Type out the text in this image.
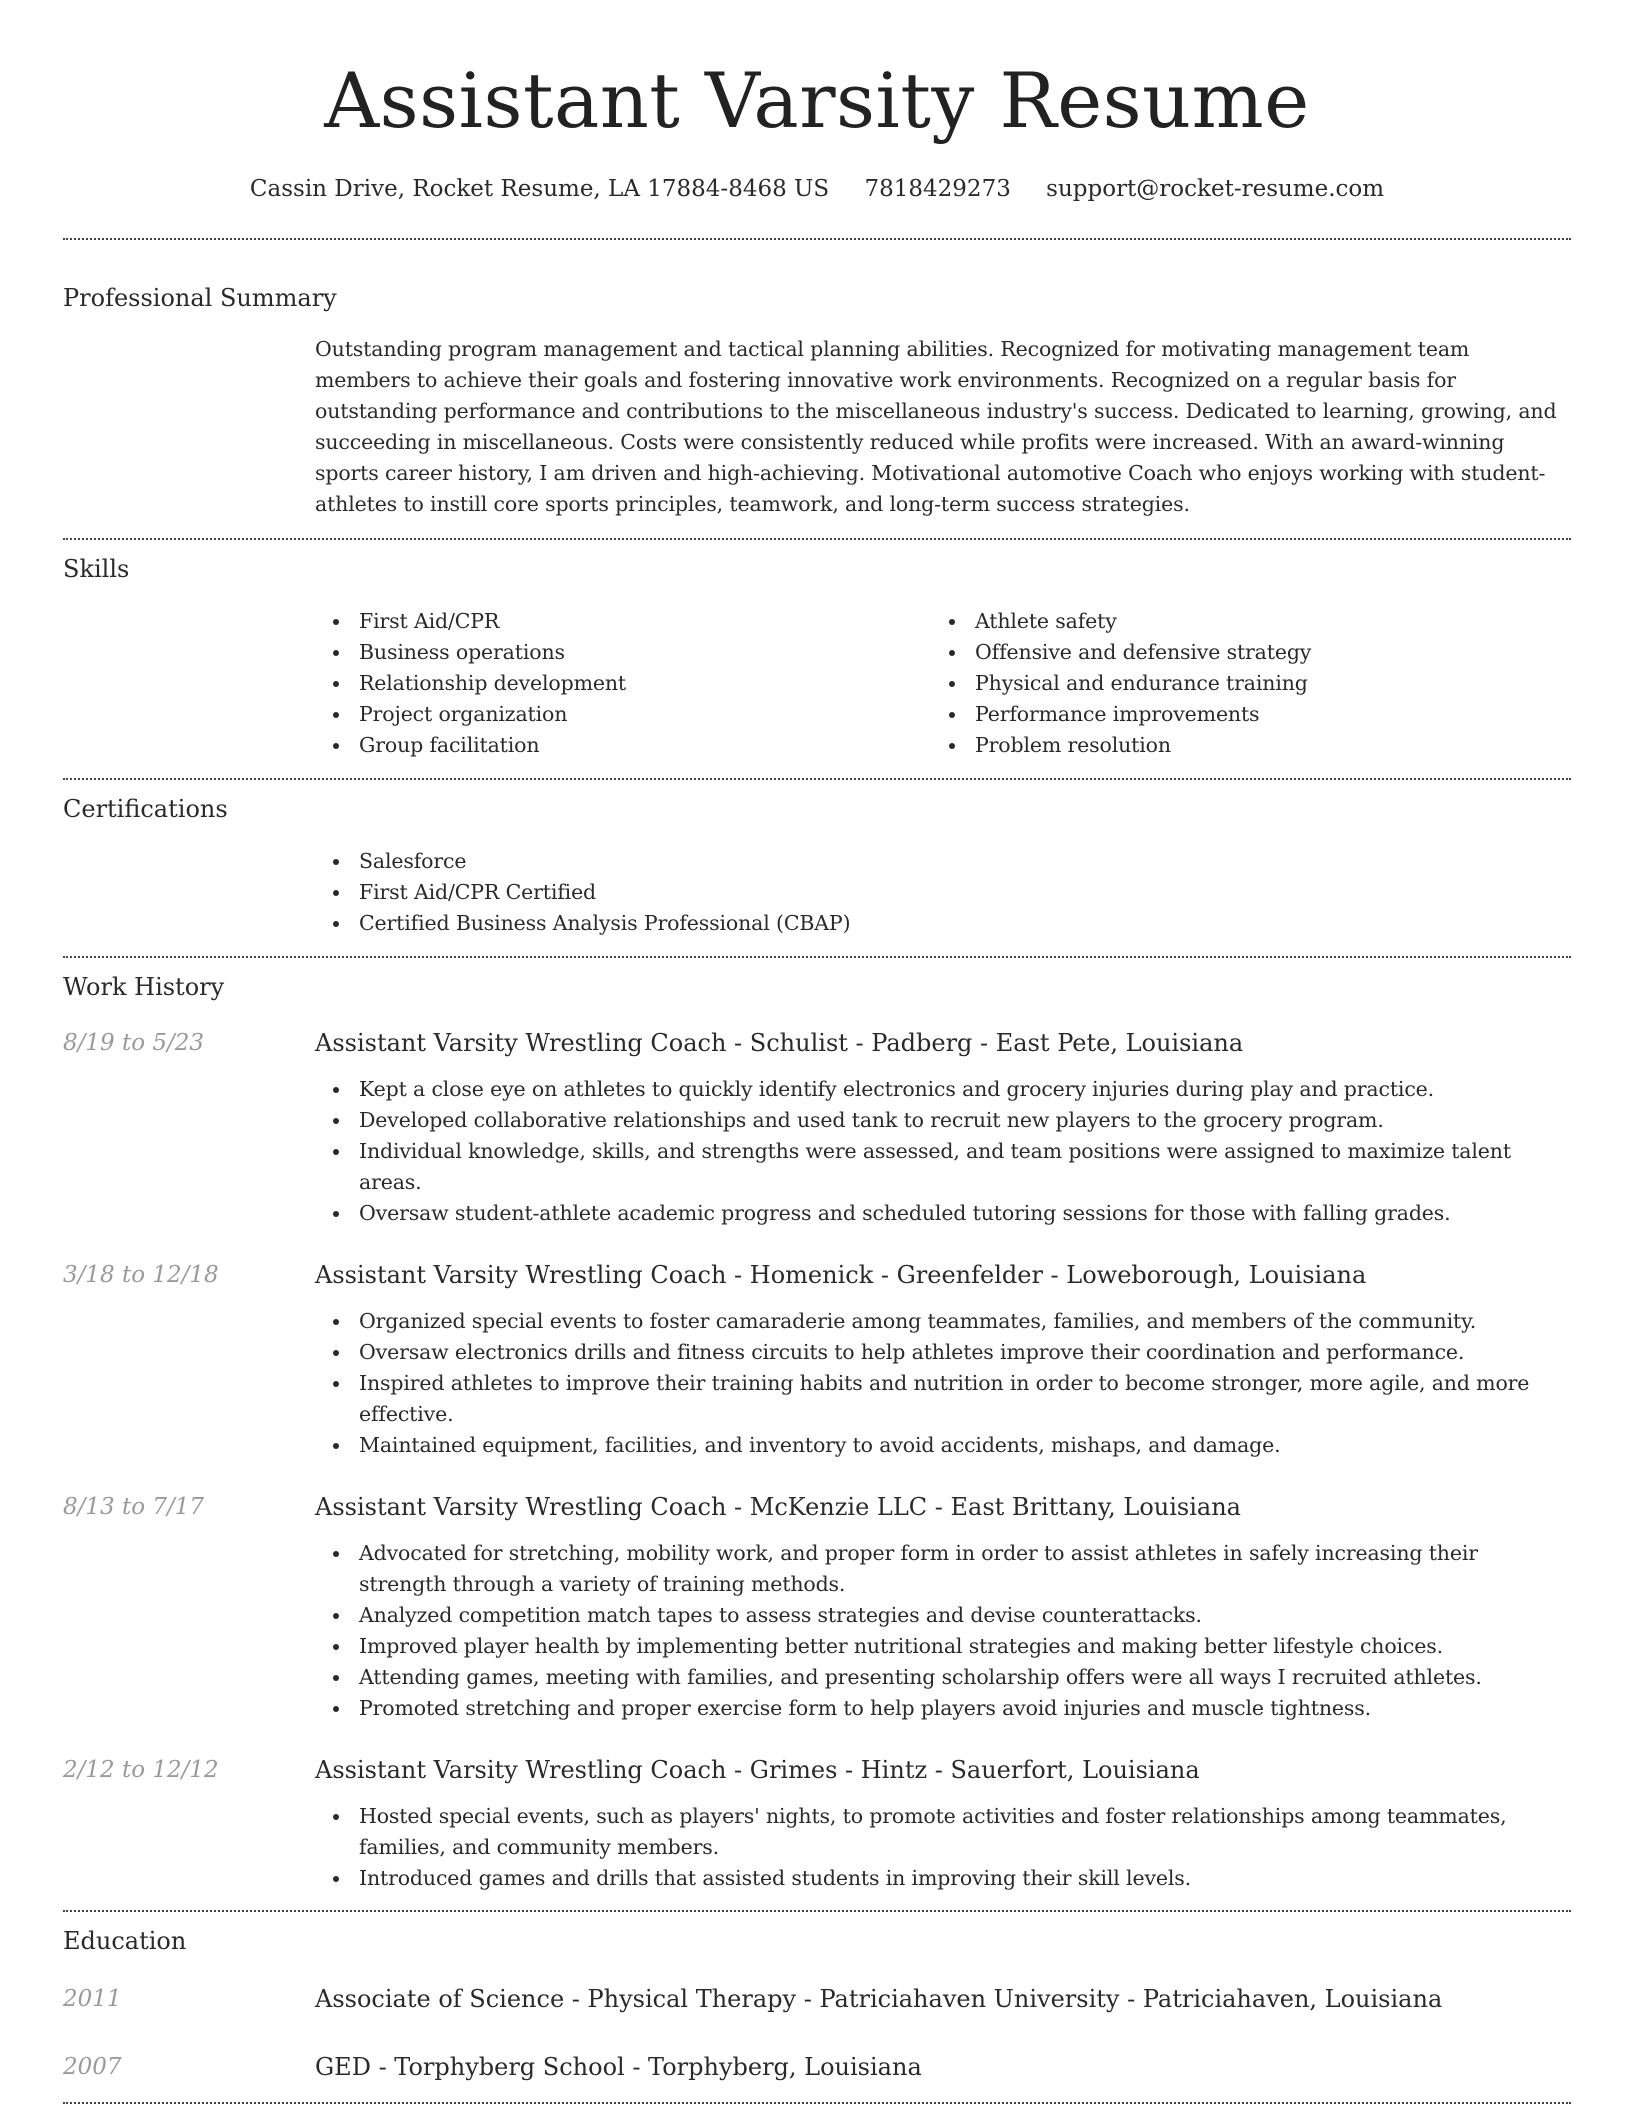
Assistant Varsity Resume
Cassin Drive, Rocket Resume, LA 17884-8468 US 7818429273 support@rocket-resume.com
Professional Summary

Outstanding program management and tactical planning abilities. Recognized for motivating management team members to achieve their goals and fostering innovative work environments. Recognized on a regular basis for outstanding performance and contributions to the miscellaneous industry's success. Dedicated to learning, growing, and succeeding in miscellaneous. Costs were consistently reduced while profits were increased. With an award-winning sports career history, I am driven and high-achieving. Motivational automotive Coach who enjoys working with student-athletes to instill core sports principles, teamwork, and long-term success strategies.

Skills
First Aid/CPR
Business operations
Relationship development
Project organization
Group facilitation
Athlete safety
Offensive and defensive strategy
Physical and endurance training
Performance improvements
Problem resolution
Certifications
Salesforce
First Aid/CPR Certified
Certified Business Analysis Professional (CBAP)
Work History
8/19 to 5/23	Assistant Varsity Wrestling Coach - Schulist - Padberg - East Pete, Louisiana
Kept a close eye on athletes to quickly identify electronics and grocery injuries during play and practice.
Developed collaborative relationships and used tank to recruit new players to the grocery program.
Individual knowledge, skills, and strengths were assessed, and team positions were assigned to maximize talent areas.
Oversaw student-athlete academic progress and scheduled tutoring sessions for those with falling grades.
3/18 to 12/18	Assistant Varsity Wrestling Coach - Homenick - Greenfelder - Loweborough, Louisiana
Organized special events to foster camaraderie among teammates, families, and members of the community.
Oversaw electronics drills and fitness circuits to help athletes improve their coordination and performance.
Inspired athletes to improve their training habits and nutrition in order to become stronger, more agile, and more effective.
Maintained equipment, facilities, and inventory to avoid accidents, mishaps, and damage.
8/13 to 7/17	Assistant Varsity Wrestling Coach - McKenzie LLC - East Brittany, Louisiana
Advocated for stretching, mobility work, and proper form in order to assist athletes in safely increasing their strength through a variety of training methods.
Analyzed competition match tapes to assess strategies and devise counterattacks.
Improved player health by implementing better nutritional strategies and making better lifestyle choices.
Attending games, meeting with families, and presenting scholarship offers were all ways I recruited athletes.
Promoted stretching and proper exercise form to help players avoid injuries and muscle tightness.
2/12 to 12/12	Assistant Varsity Wrestling Coach - Grimes - Hintz - Sauerfort, Louisiana
Hosted special events, such as players' nights, to promote activities and foster relationships among teammates, families, and community members.
Introduced games and drills that assisted students in improving their skill levels.
Education
2011	Associate of Science - Physical Therapy - Patriciahaven University - Patriciahaven, Louisiana
2007	GED - Torphyberg School - Torphyberg, Louisiana
